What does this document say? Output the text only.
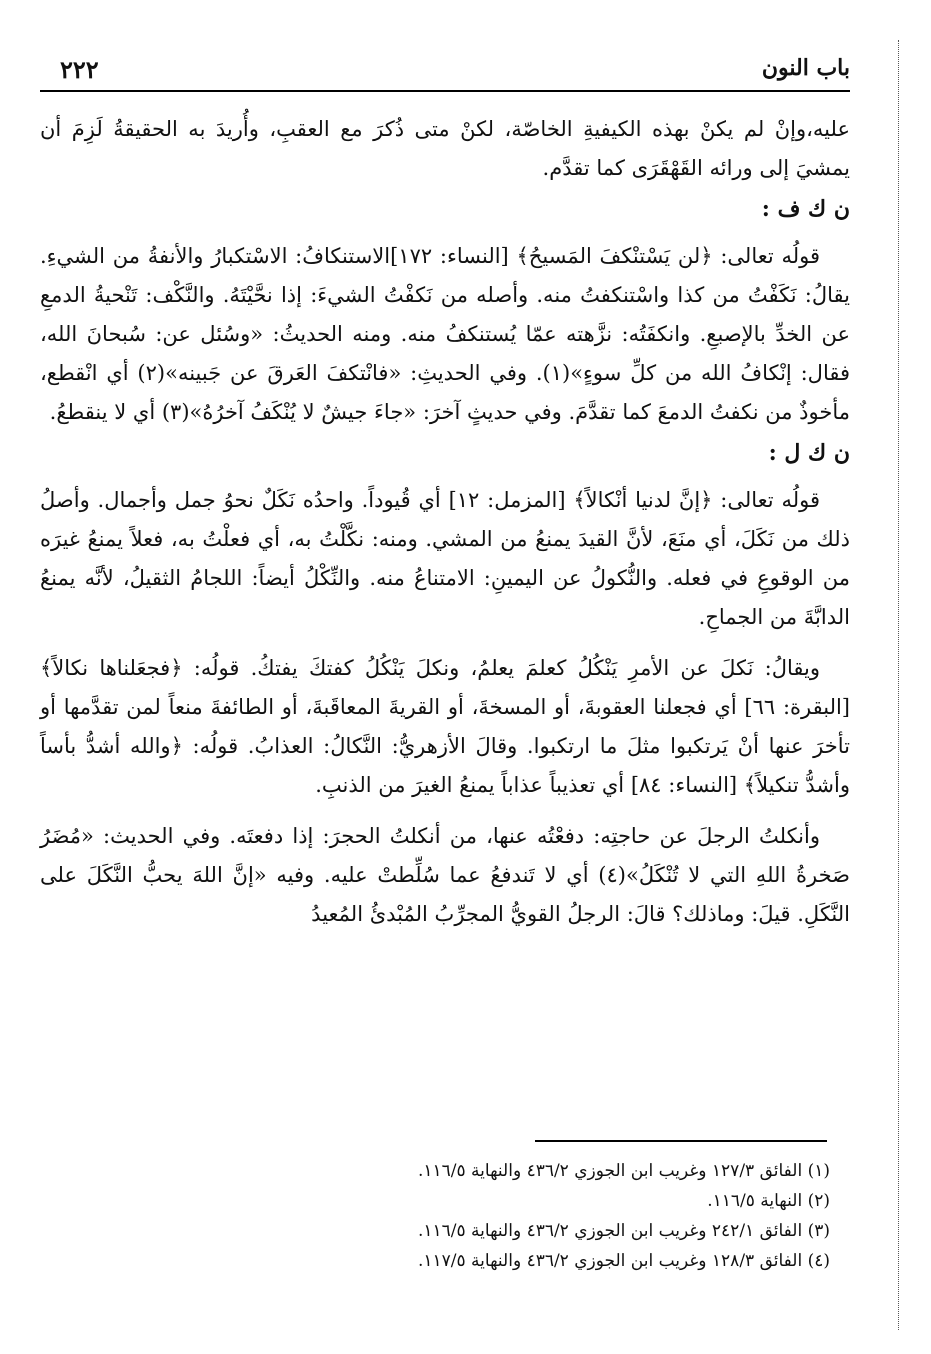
٢٢٢	باب النون

عليه،وإنْ لم يكنْ بهذه الكيفيةِ الخاصّة، لكنْ متى ذُكرَ مع العقبِ، وأُريدَ به الحقيقةُ لَزِمَ أن يمشيَ إلى ورائه القَهْقَرَى كما تقدَّم.

ن ك ف :

قولُه تعالى: ﴿لن يَسْتنْكفَ المَسيحُ﴾ [النساء: ١٧٢]الاستنكافُ: الاسْتكبارُ والأنفةُ من الشيءِ. يقالُ: نَكَفْتُ من كذا واسْتنكفتُ منه. وأصله من نَكفْتُ الشيءَ: إذا نحَّيْتَهُ. والنَّكْف: تَنْحيةُ الدمعِ عن الخدِّ بالإصبعِ. وانكفَتُه: نزَّهته عمّا يُستنكفُ منه. ومنه الحديثُ: «وسُئل عن: سُبحانَ الله، فقال: إنْكافُ الله من كلِّ سوءٍ»(١). وفي الحديثِ: «فانْتكفَ العَرقَ عن جَبينه»(٢) أي انْقطع، مأخوذٌ من نكفتُ الدمعَ كما تقدَّمَ. وفي حديثٍ آخرَ: «جاءَ جيشٌ لا يُنْكَفُ آخرُهُ»(٣) أي لا ينقطعُ.

ن ك ل :

قولُه تعالى: ﴿إنَّ لدنيا أنْكالاً﴾ [المزمل: ١٢] أي قُيوداً. واحدُه نَكَلٌ نحوُ جمل وأجمال. وأصلُ ذلك من نَكَلَ، أي منَعَ، لأنَّ القيدَ يمنعُ من المشي. ومنه: نكَّلْتُ به، أي فعلْتُ به، فعلاً يمنعُ غيرَه من الوقوعِ في فعله. والنُّكولُ عن اليمينِ: الامتناعُ منه. والنِّكْلُ أيضاً: اللجامُ الثقيلُ، لأنَّه يمنعُ الدابَّةَ من الجماحِ.

ويقالُ: نَكلَ عن الأمرِ يَنْكُلُ كعلمَ يعلمُ، ونكلَ يَنْكُلُ كفتكَ يفتكُ. قولُه: ﴿فجعَلناها نكالاً﴾ [البقرة: ٦٦] أي فجعلنا العقوبةَ، أو المسخةَ، أو القريةَ المعاقَبةَ، أو الطائفةَ منعاً لمن تقدَّمها أو تأخرَ عنها أنْ يَرتكبوا مثلَ ما ارتكبوا. وقالَ الأزهريُّ: النَّكالُ: العذابُ. قولُه: ﴿والله أشدُّ بأساً وأشدُّ تنكيلاً﴾ [النساء: ٨٤] أي تعذيباً عذاباً يمنعُ الغيرَ من الذنبِ.

وأنكلتُ الرجلَ عن حاجتِه: دفعْتُه عنها، من أنكلتُ الحجرَ: إذا دفعتَه. وفي الحديث: «مُضَرُ صَخرةُ اللهِ التي لا تُنْكَلُ»(٤) أي لا تَندفعُ عما سُلِّطتْ عليه. وفيه «إنَّ اللهَ يحبُّ النَّكَلَ على النَّكَلِ. قيلَ: وماذلك؟ قالَ: الرجلُ القويُّ المجرِّبُ المُبْدئُ المُعيدُ

(١) الفائق ١٢٧/٣ وغريب ابن الجوزي ٤٣٦/٢ والنهاية ١١٦/٥.

(٢) النهاية ١١٦/٥.

(٣) الفائق ٢٤٢/١ وغريب ابن الجوزي ٤٣٦/٢ والنهاية ١١٦/٥.

(٤) الفائق ١٢٨/٣ وغريب ابن الجوزي ٤٣٦/٢ والنهاية ١١٧/٥.
